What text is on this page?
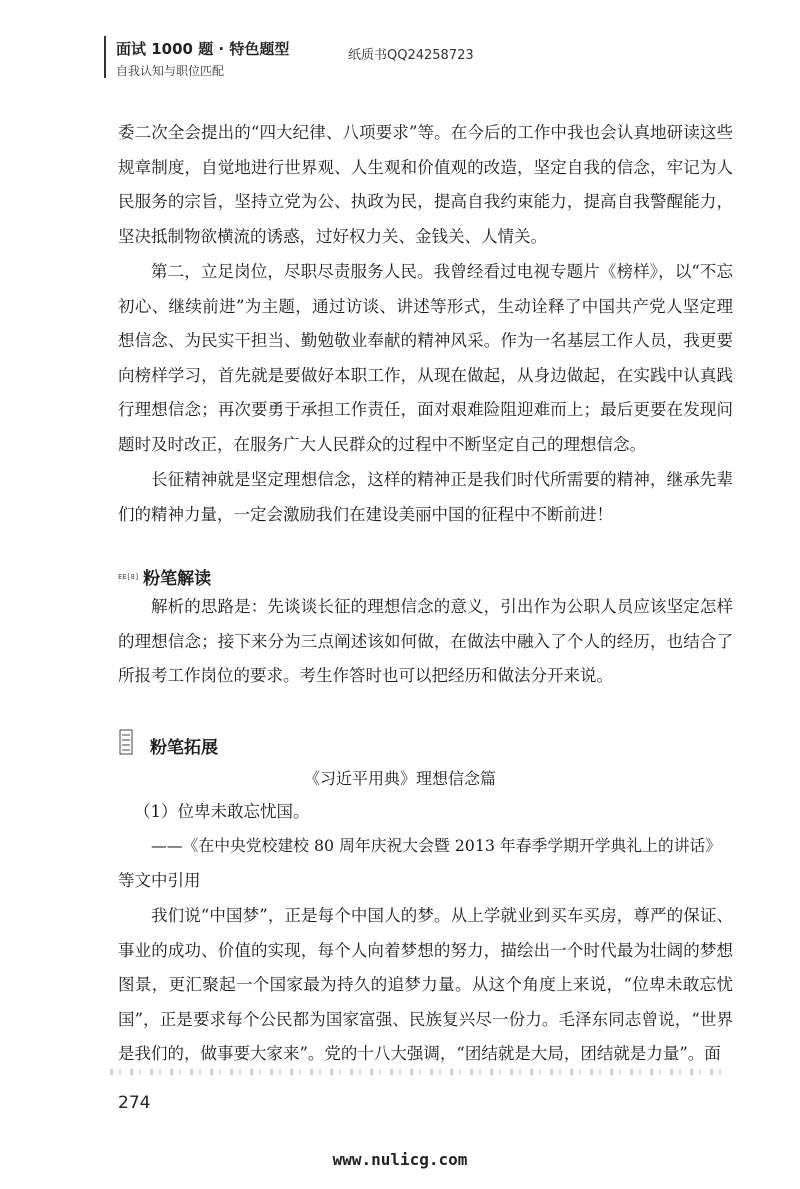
面试 1000 题 · 特色题型
自我认知与职位匹配
纸质书QQ24258723

委二次全会提出的“四大纪律、八项要求”等。在今后的工作中我也会认真地研读这些规章制度，自觉地进行世界观、人生观和价值观的改造，坚定自我的信念，牢记为人民服务的宗旨，坚持立党为公、执政为民，提高自我约束能力，提高自我警醒能力，坚决抵制物欲横流的诱惑，过好权力关、金钱关、人情关。

第二，立足岗位，尽职尽责服务人民。我曾经看过电视专题片《榜样》，以“不忘初心、继续前进”为主题，通过访谈、讲述等形式，生动诠释了中国共产党人坚定理想信念、为民实干担当、勤勉敬业奉献的精神风采。作为一名基层工作人员，我更要向榜样学习，首先就是要做好本职工作，从现在做起，从身边做起，在实践中认真践行理想信念；再次要勇于承担工作责任，面对艰难险阻迎难而上；最后更要在发现问题时及时改正，在服务广大人民群众的过程中不断坚定自己的理想信念。

长征精神就是坚定理想信念，这样的精神正是我们时代所需要的精神，继承先辈们的精神力量，一定会激励我们在建设美丽中国的征程中不断前进！

EE[8] 粉笔解读

解析的思路是：先谈谈长征的理想信念的意义，引出作为公职人员应该坚定怎样的理想信念；接下来分为三点阐述该如何做，在做法中融入了个人的经历，也结合了所报考工作岗位的要求。考生作答时也可以把经历和做法分开来说。

粉笔拓展
《习近平用典》理想信念篇

（1）位卑未敢忘忧国。

——《在中央党校建校 80 周年庆祝大会暨 2013 年春季学期开学典礼上的讲话》

等文中引用

我们说“中国梦”，正是每个中国人的梦。从上学就业到买车买房，尊严的保证、事业的成功、价值的实现，每个人向着梦想的努力，描绘出一个时代最为壮阔的梦想图景，更汇聚起一个国家最为持久的追梦力量。从这个角度上来说，“位卑未敢忘忧国”，正是要求每个公民都为国家富强、民族复兴尽一份力。毛泽东同志曾说，“世界是我们的，做事要大家来”。党的十八大强调，“团结就是大局，团结就是力量”。面

274
www.nulicg.com
